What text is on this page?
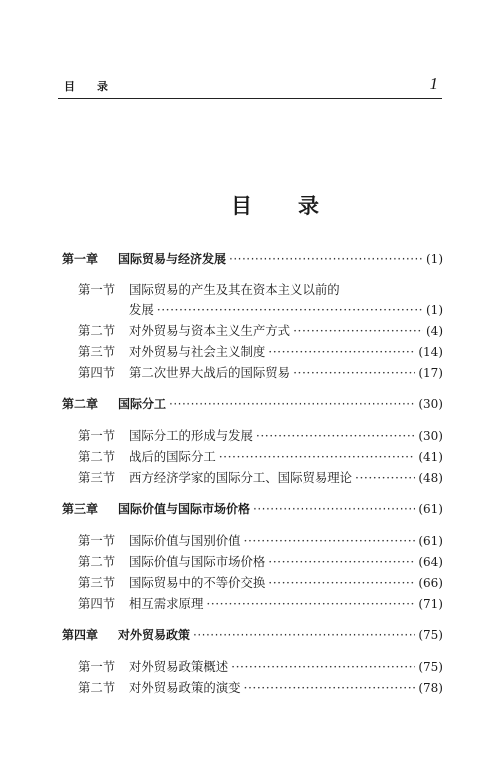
目录	1
目录
第一章	国际贸易与经济发展 ·····	(1)
第一节	国际贸易的产生及其在资本主义以前的
发展 ·····	(1)
第二节	对外贸易与资本主义生产方式 ·····	(4)
第三节	对外贸易与社会主义制度 ·····	(14)
第四节	第二次世界大战后的国际贸易 ·····	(17)
第二章	国际分工 ·····	(30)
第一节	国际分工的形成与发展 ·····	(30)
第二节	战后的国际分工 ·····	(41)
第三节	西方经济学家的国际分工、国际贸易理论 ·····	(48)
第三章	国际价值与国际市场价格 ·····	(61)
第一节	国际价值与国别价值 ·····	(61)
第二节	国际价值与国际市场价格 ·····	(64)
第三节	国际贸易中的不等价交换 ·····	(66)
第四节	相互需求原理 ·····	(71)
第四章	对外贸易政策 ·····	(75)
第一节	对外贸易政策概述 ·····	(75)
第二节	对外贸易政策的演变 ·····	(78)
